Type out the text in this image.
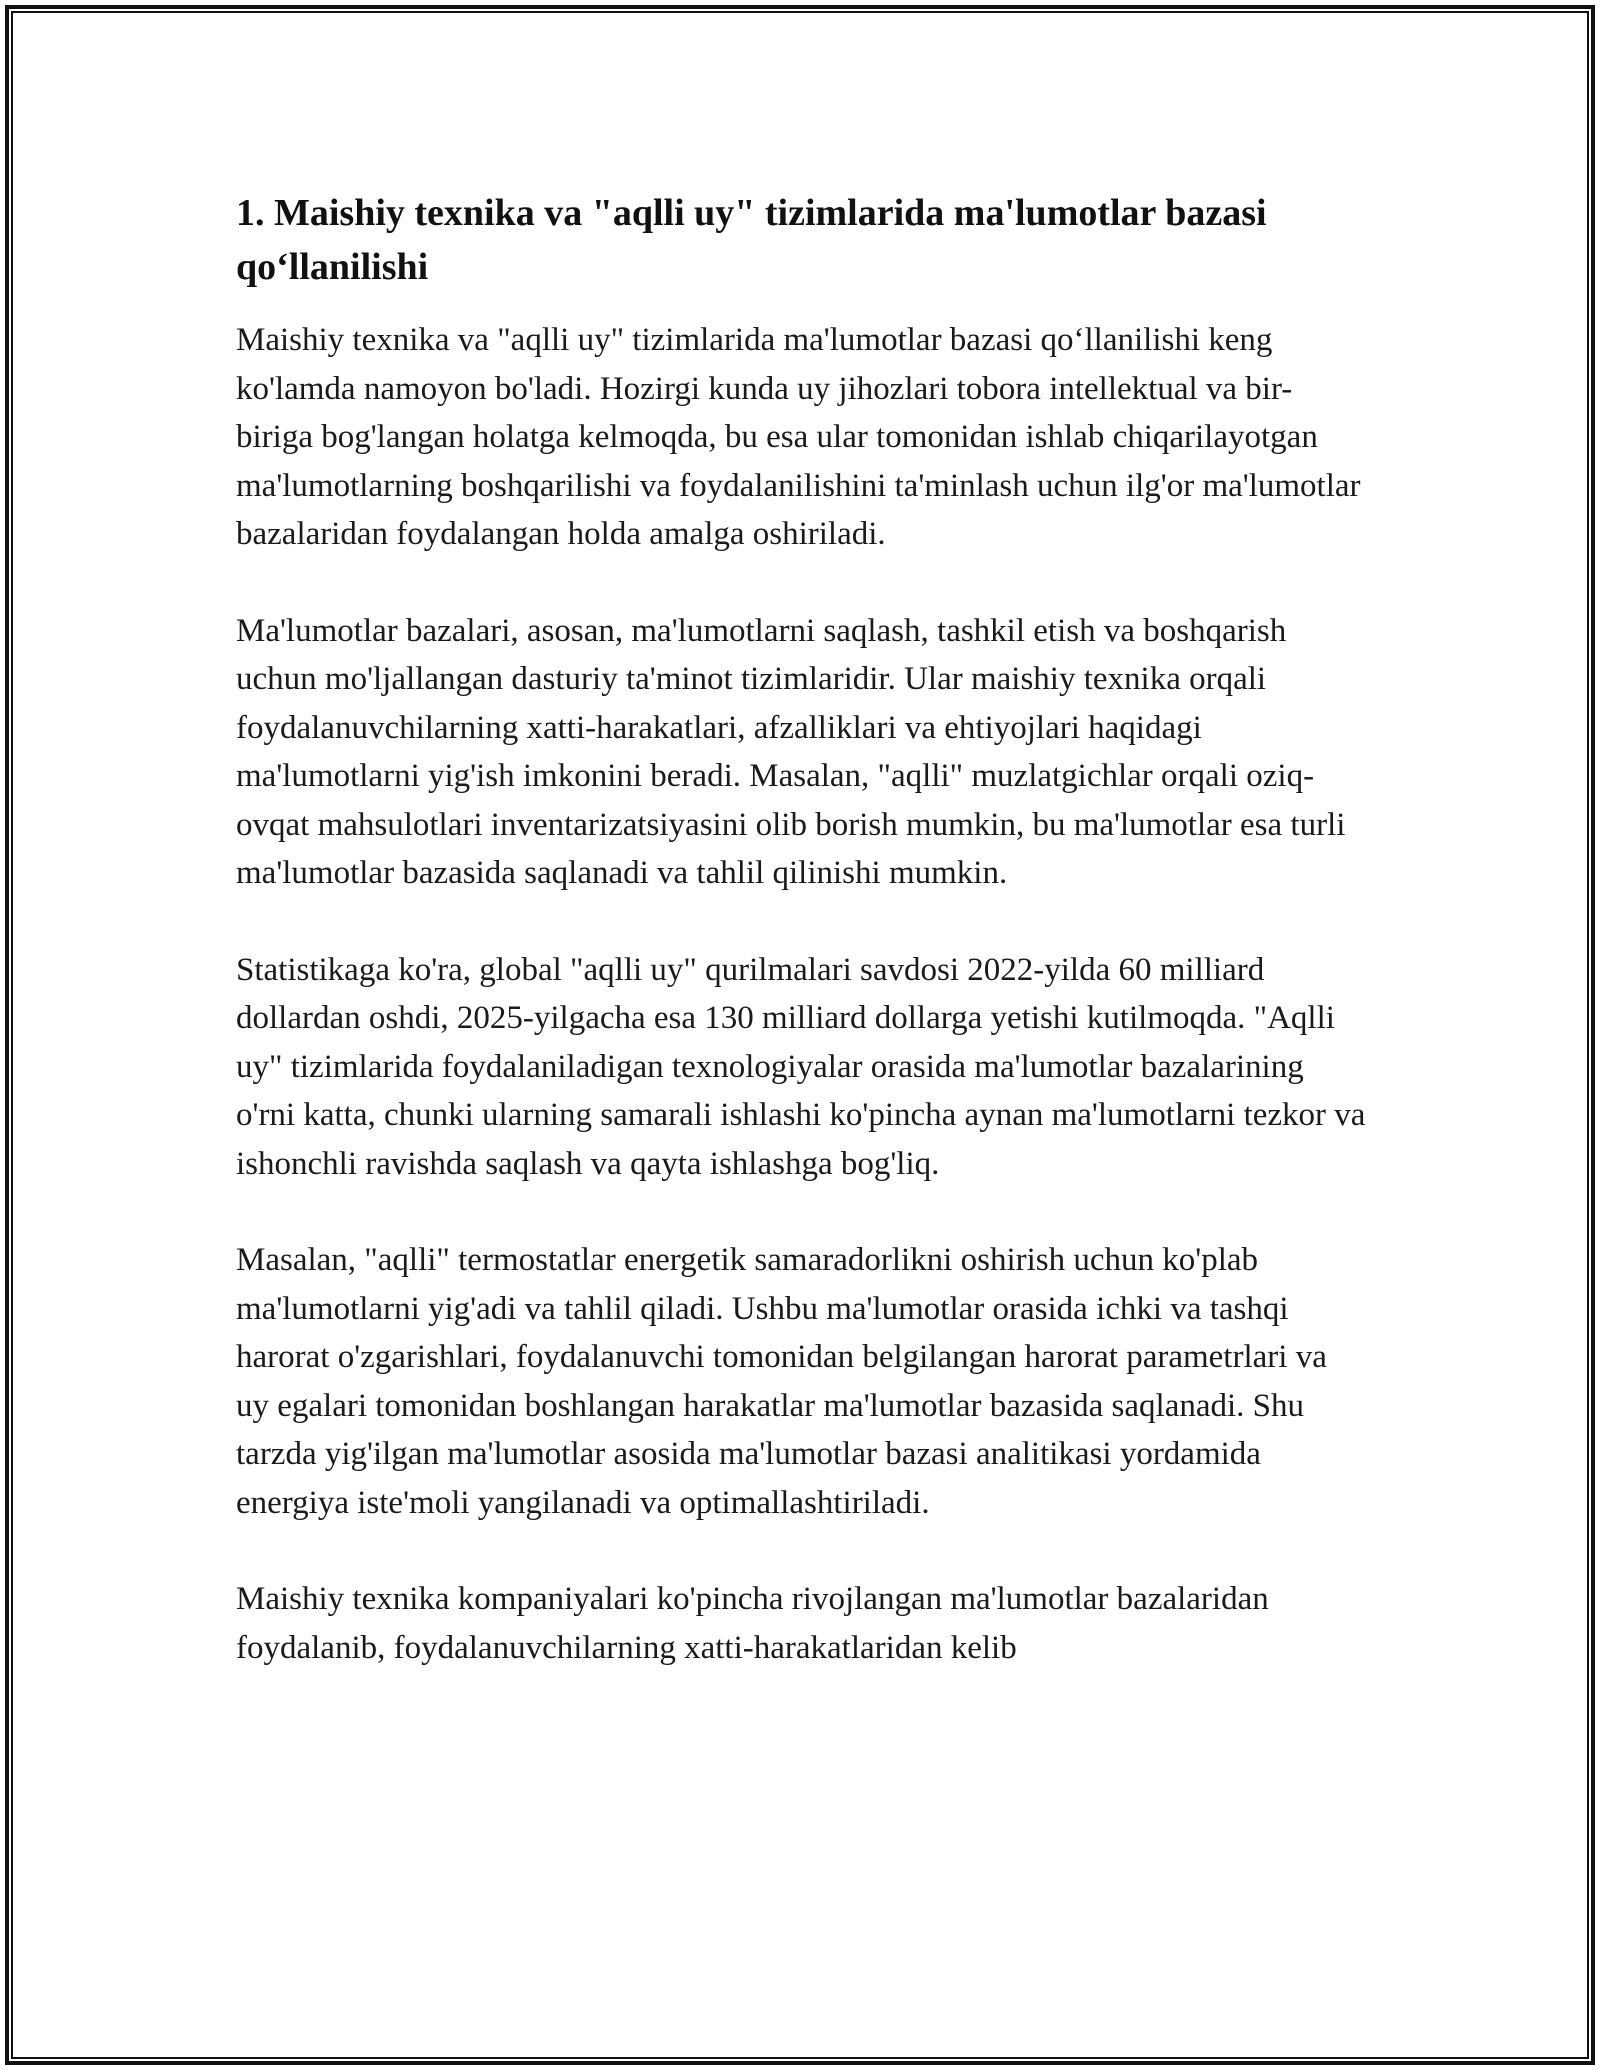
1. Maishiy texnika va "aqlli uy" tizimlarida ma'lumotlar bazasi qo‘llanilishi

Maishiy texnika va "aqlli uy" tizimlarida ma'lumotlar bazasi qo‘llanilishi keng ko'lamda namoyon bo'ladi. Hozirgi kunda uy jihozlari tobora intellektual va bir-biriga bog'langan holatga kelmoqda, bu esa ular tomonidan ishlab chiqarilayotgan ma'lumotlarning boshqarilishi va foydalanilishini ta'minlash uchun ilg'or ma'lumotlar bazalaridan foydalangan holda amalga oshiriladi.

Ma'lumotlar bazalari, asosan, ma'lumotlarni saqlash, tashkil etish va boshqarish uchun mo'ljallangan dasturiy ta'minot tizimlaridir. Ular maishiy texnika orqali foydalanuvchilarning xatti-harakatlari, afzalliklari va ehtiyojlari haqidagi ma'lumotlarni yig'ish imkonini beradi. Masalan, "aqlli" muzlatgichlar orqali oziq-ovqat mahsulotlari inventarizatsiyasini olib borish mumkin, bu ma'lumotlar esa turli ma'lumotlar bazasida saqlanadi va tahlil qilinishi mumkin.

Statistikaga ko'ra, global "aqlli uy" qurilmalari savdosi 2022-yilda 60 milliard dollardan oshdi, 2025-yilgacha esa 130 milliard dollarga yetishi kutilmoqda. "Aqlli uy" tizimlarida foydalaniladigan texnologiyalar orasida ma'lumotlar bazalarining o'rni katta, chunki ularning samarali ishlashi ko'pincha aynan ma'lumotlarni tezkor va ishonchli ravishda saqlash va qayta ishlashga bog'liq.

Masalan, "aqlli" termostatlar energetik samaradorlikni oshirish uchun ko'plab ma'lumotlarni yig'adi va tahlil qiladi. Ushbu ma'lumotlar orasida ichki va tashqi harorat o'zgarishlari, foydalanuvchi tomonidan belgilangan harorat parametrlari va uy egalari tomonidan boshlangan harakatlar ma'lumotlar bazasida saqlanadi. Shu tarzda yig'ilgan ma'lumotlar asosida ma'lumotlar bazasi analitikasi yordamida energiya iste'moli yangilanadi va optimallashtiriladi.

Maishiy texnika kompaniyalari ko'pincha rivojlangan ma'lumotlar bazalaridan foydalanib, foydalanuvchilarning xatti-harakatlaridan kelib
